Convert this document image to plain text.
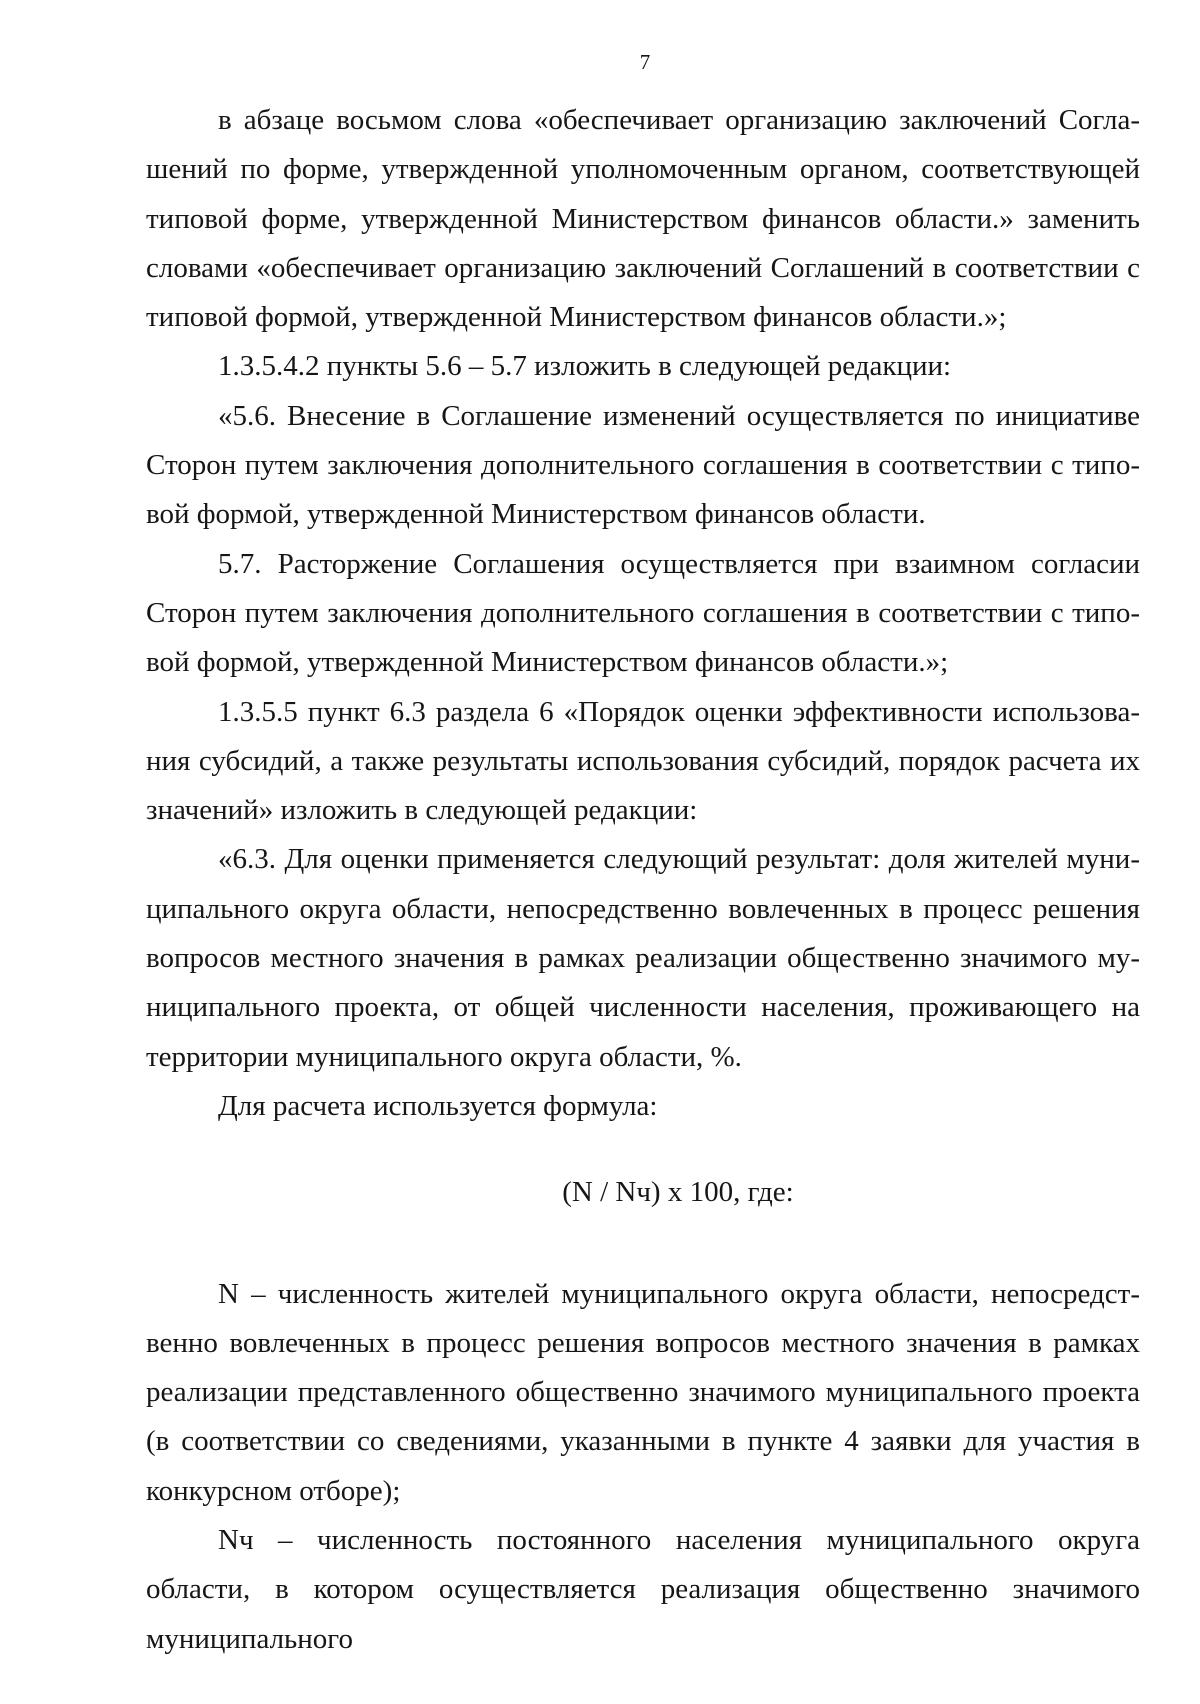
7

в абзаце восьмом слова «обеспечивает организацию заключений Соглашений по форме, утвержденной уполномоченным органом, соответствующей типовой форме, утвержденной Министерством финансов области.» заменить словами «обеспечивает организацию заключений Соглашений в соответствии с типовой формой, утвержденной Министерством финансов области.»;

1.3.5.4.2 пункты 5.6 – 5.7 изложить в следующей редакции:

«5.6. Внесение в Соглашение изменений осуществляется по инициативе Сторон путем заключения дополнительного соглашения в соответствии с типовой формой, утвержденной Министерством финансов области.

5.7. Расторжение Соглашения осуществляется при взаимном согласии Сторон путем заключения дополнительного соглашения в соответствии с типовой формой, утвержденной Министерством финансов области.»;

1.3.5.5 пункт 6.3 раздела 6 «Порядок оценки эффективности использования субсидий, а также результаты использования субсидий, порядок расчета их значений» изложить в следующей редакции:

«6.3. Для оценки применяется следующий результат: доля жителей муниципального округа области, непосредственно вовлеченных в процесс решения вопросов местного значения в рамках реализации общественно значимого муниципального проекта, от общей численности населения, проживающего на территории муниципального округа области, %.

Для расчета используется формула:

(N / Nч) x 100, где:

N – численность жителей муниципального округа области, непосредственно вовлеченных в процесс решения вопросов местного значения в рамках реализации представленного общественно значимого муниципального проекта (в соответствии со сведениями, указанными в пункте 4 заявки для участия в конкурсном отборе);

Nч – численность постоянного населения муниципального округа области, в котором осуществляется реализация общественно значимого муниципального
